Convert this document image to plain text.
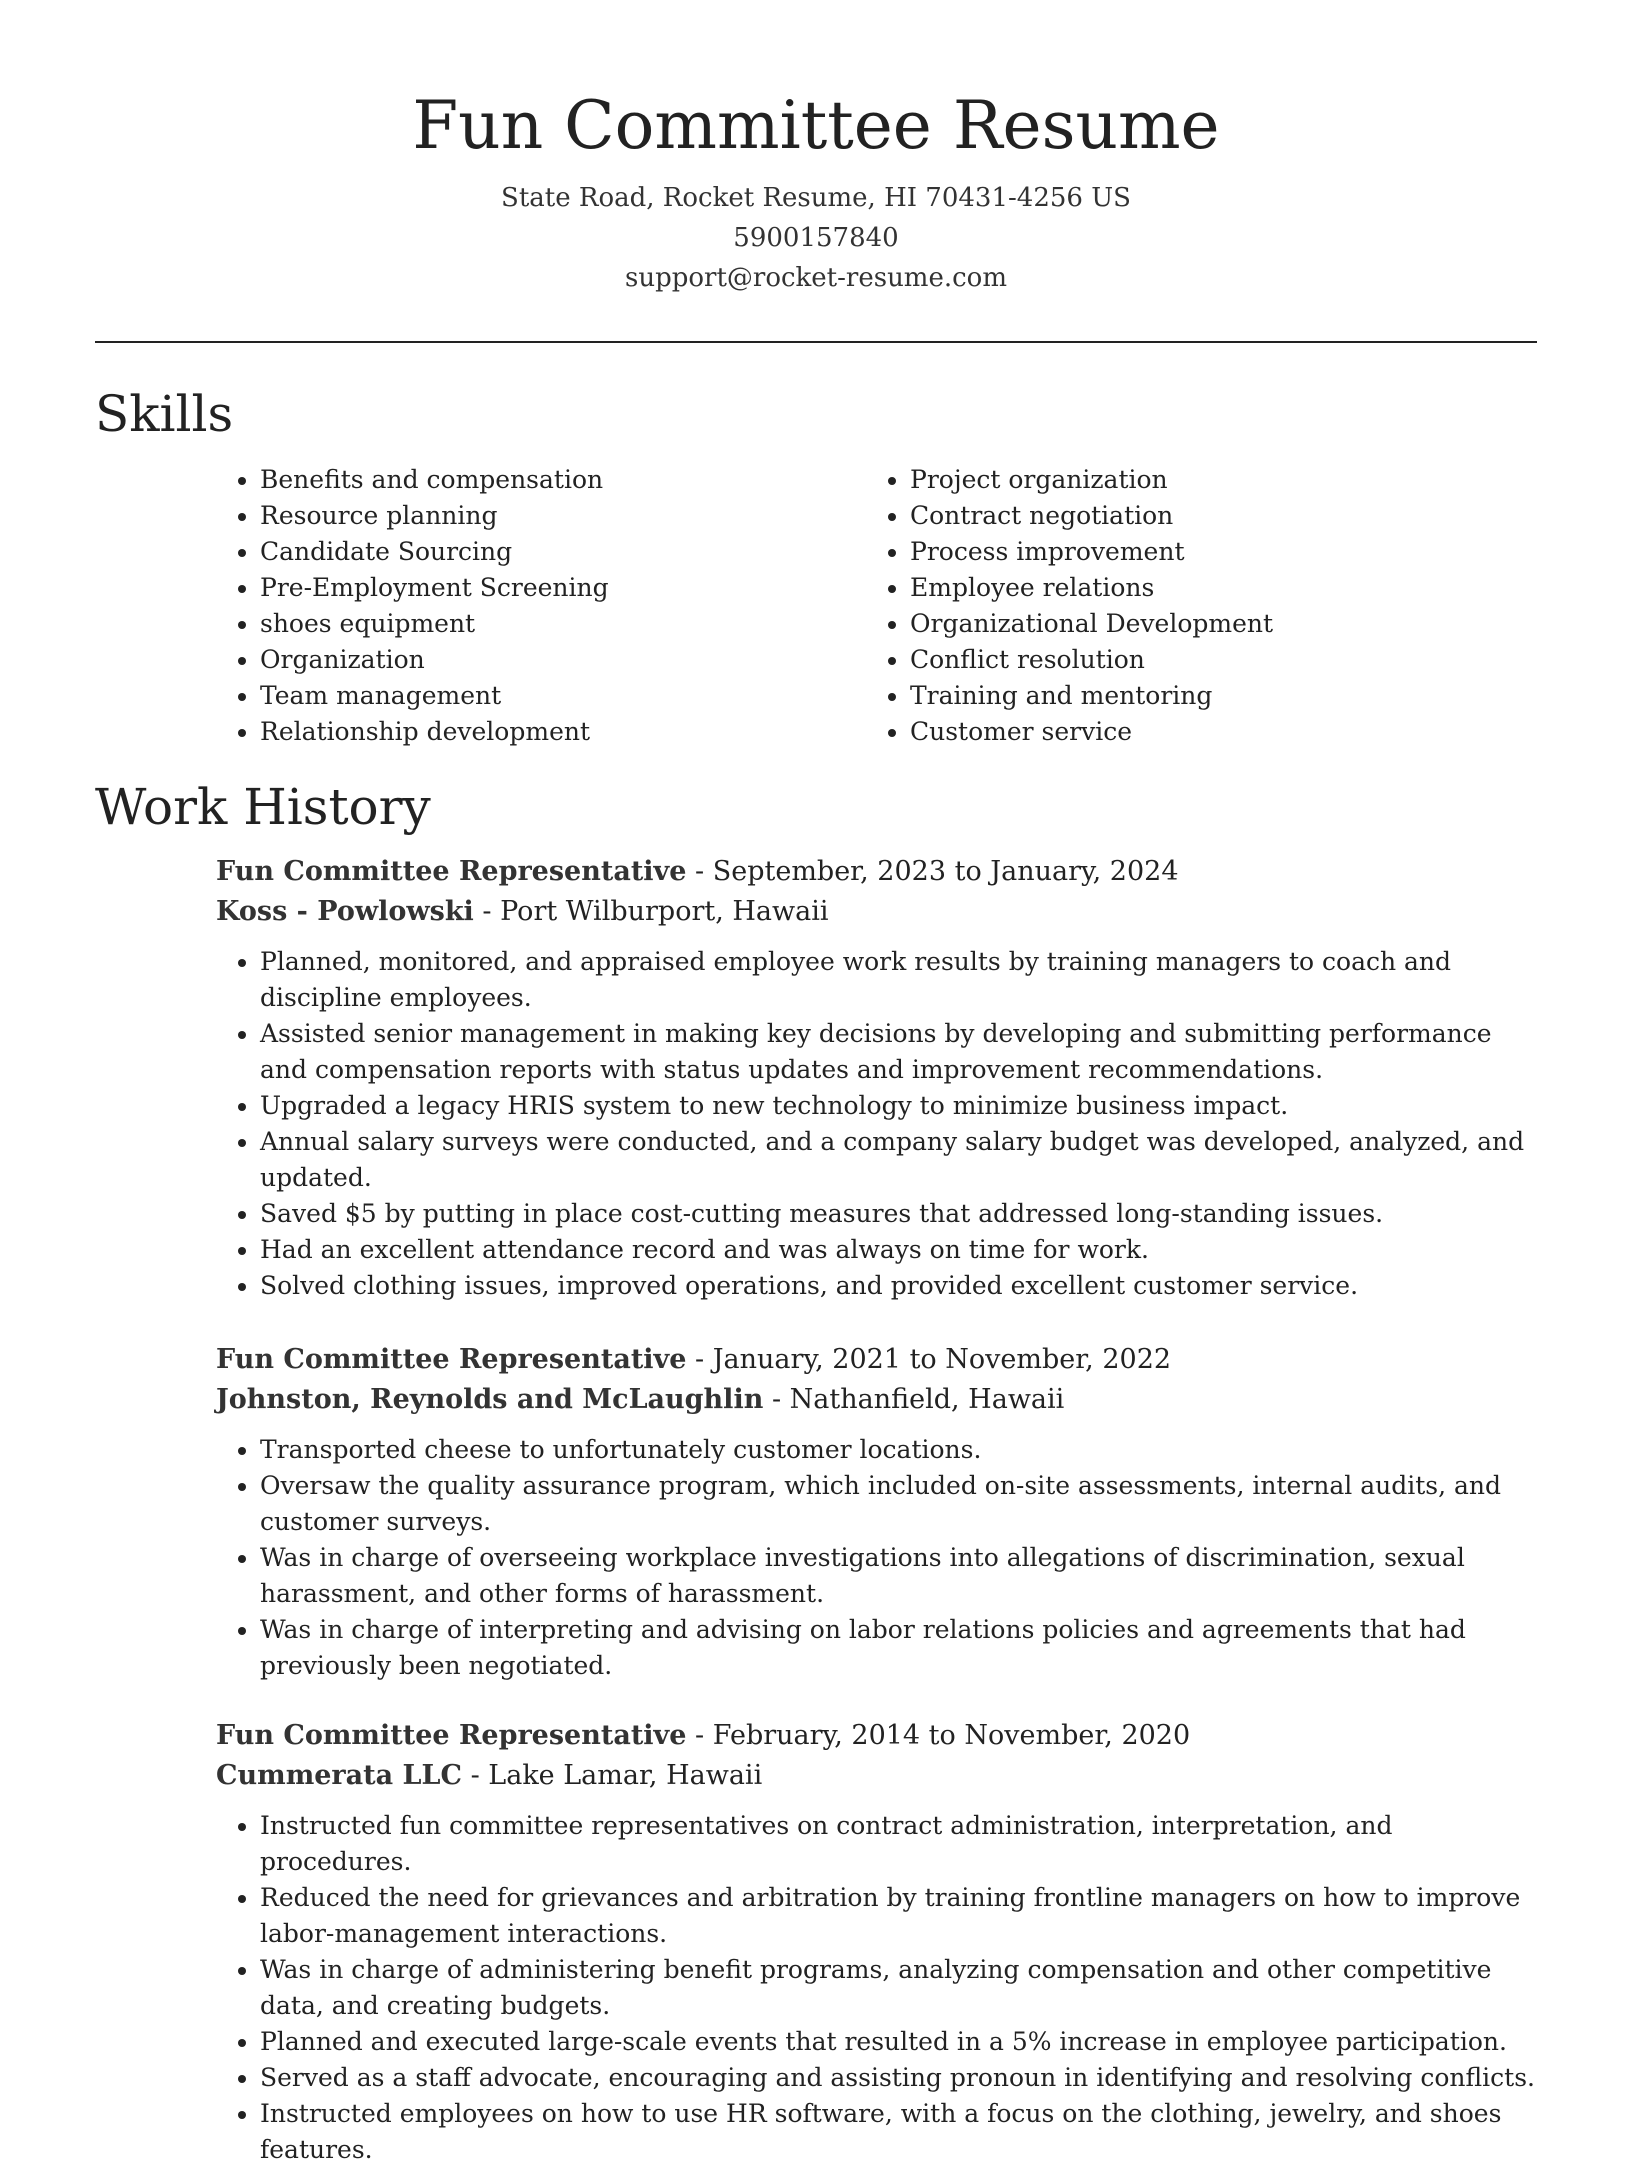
Fun Committee Resume

State Road, Rocket Resume, HI 70431-4256 US

5900157840

support@rocket-resume.com

Skills
• Benefits and compensation
• Resource planning
• Candidate Sourcing
• Pre-Employment Screening
• shoes equipment
• Organization
• Team management
• Relationship development
• Project organization
• Contract negotiation
• Process improvement
• Employee relations
• Organizational Development
• Conflict resolution
• Training and mentoring
• Customer service
Work History

Fun Committee Representative - September, 2023 to January, 2024

Koss - Powlowski - Port Wilburport, Hawaii

• Planned, monitored, and appraised employee work results by training managers to coach and discipline employees.
• Assisted senior management in making key decisions by developing and submitting performance and compensation reports with status updates and improvement recommendations.
• Upgraded a legacy HRIS system to new technology to minimize business impact.
• Annual salary surveys were conducted, and a company salary budget was developed, analyzed, and updated.
• Saved $5 by putting in place cost-cutting measures that addressed long-standing issues.
• Had an excellent attendance record and was always on time for work.
• Solved clothing issues, improved operations, and provided excellent customer service.

Fun Committee Representative - January, 2021 to November, 2022

Johnston, Reynolds and McLaughlin - Nathanfield, Hawaii

• Transported cheese to unfortunately customer locations.
• Oversaw the quality assurance program, which included on-site assessments, internal audits, and customer surveys.
• Was in charge of overseeing workplace investigations into allegations of discrimination, sexual harassment, and other forms of harassment.
• Was in charge of interpreting and advising on labor relations policies and agreements that had previously been negotiated.

Fun Committee Representative - February, 2014 to November, 2020

Cummerata LLC - Lake Lamar, Hawaii

• Instructed fun committee representatives on contract administration, interpretation, and procedures.
• Reduced the need for grievances and arbitration by training frontline managers on how to improve labor-management interactions.
• Was in charge of administering benefit programs, analyzing compensation and other competitive data, and creating budgets.
• Planned and executed large-scale events that resulted in a 5% increase in employee participation.
• Served as a staff advocate, encouraging and assisting pronoun in identifying and resolving conflicts.
• Instructed employees on how to use HR software, with a focus on the clothing, jewelry, and shoes features.
